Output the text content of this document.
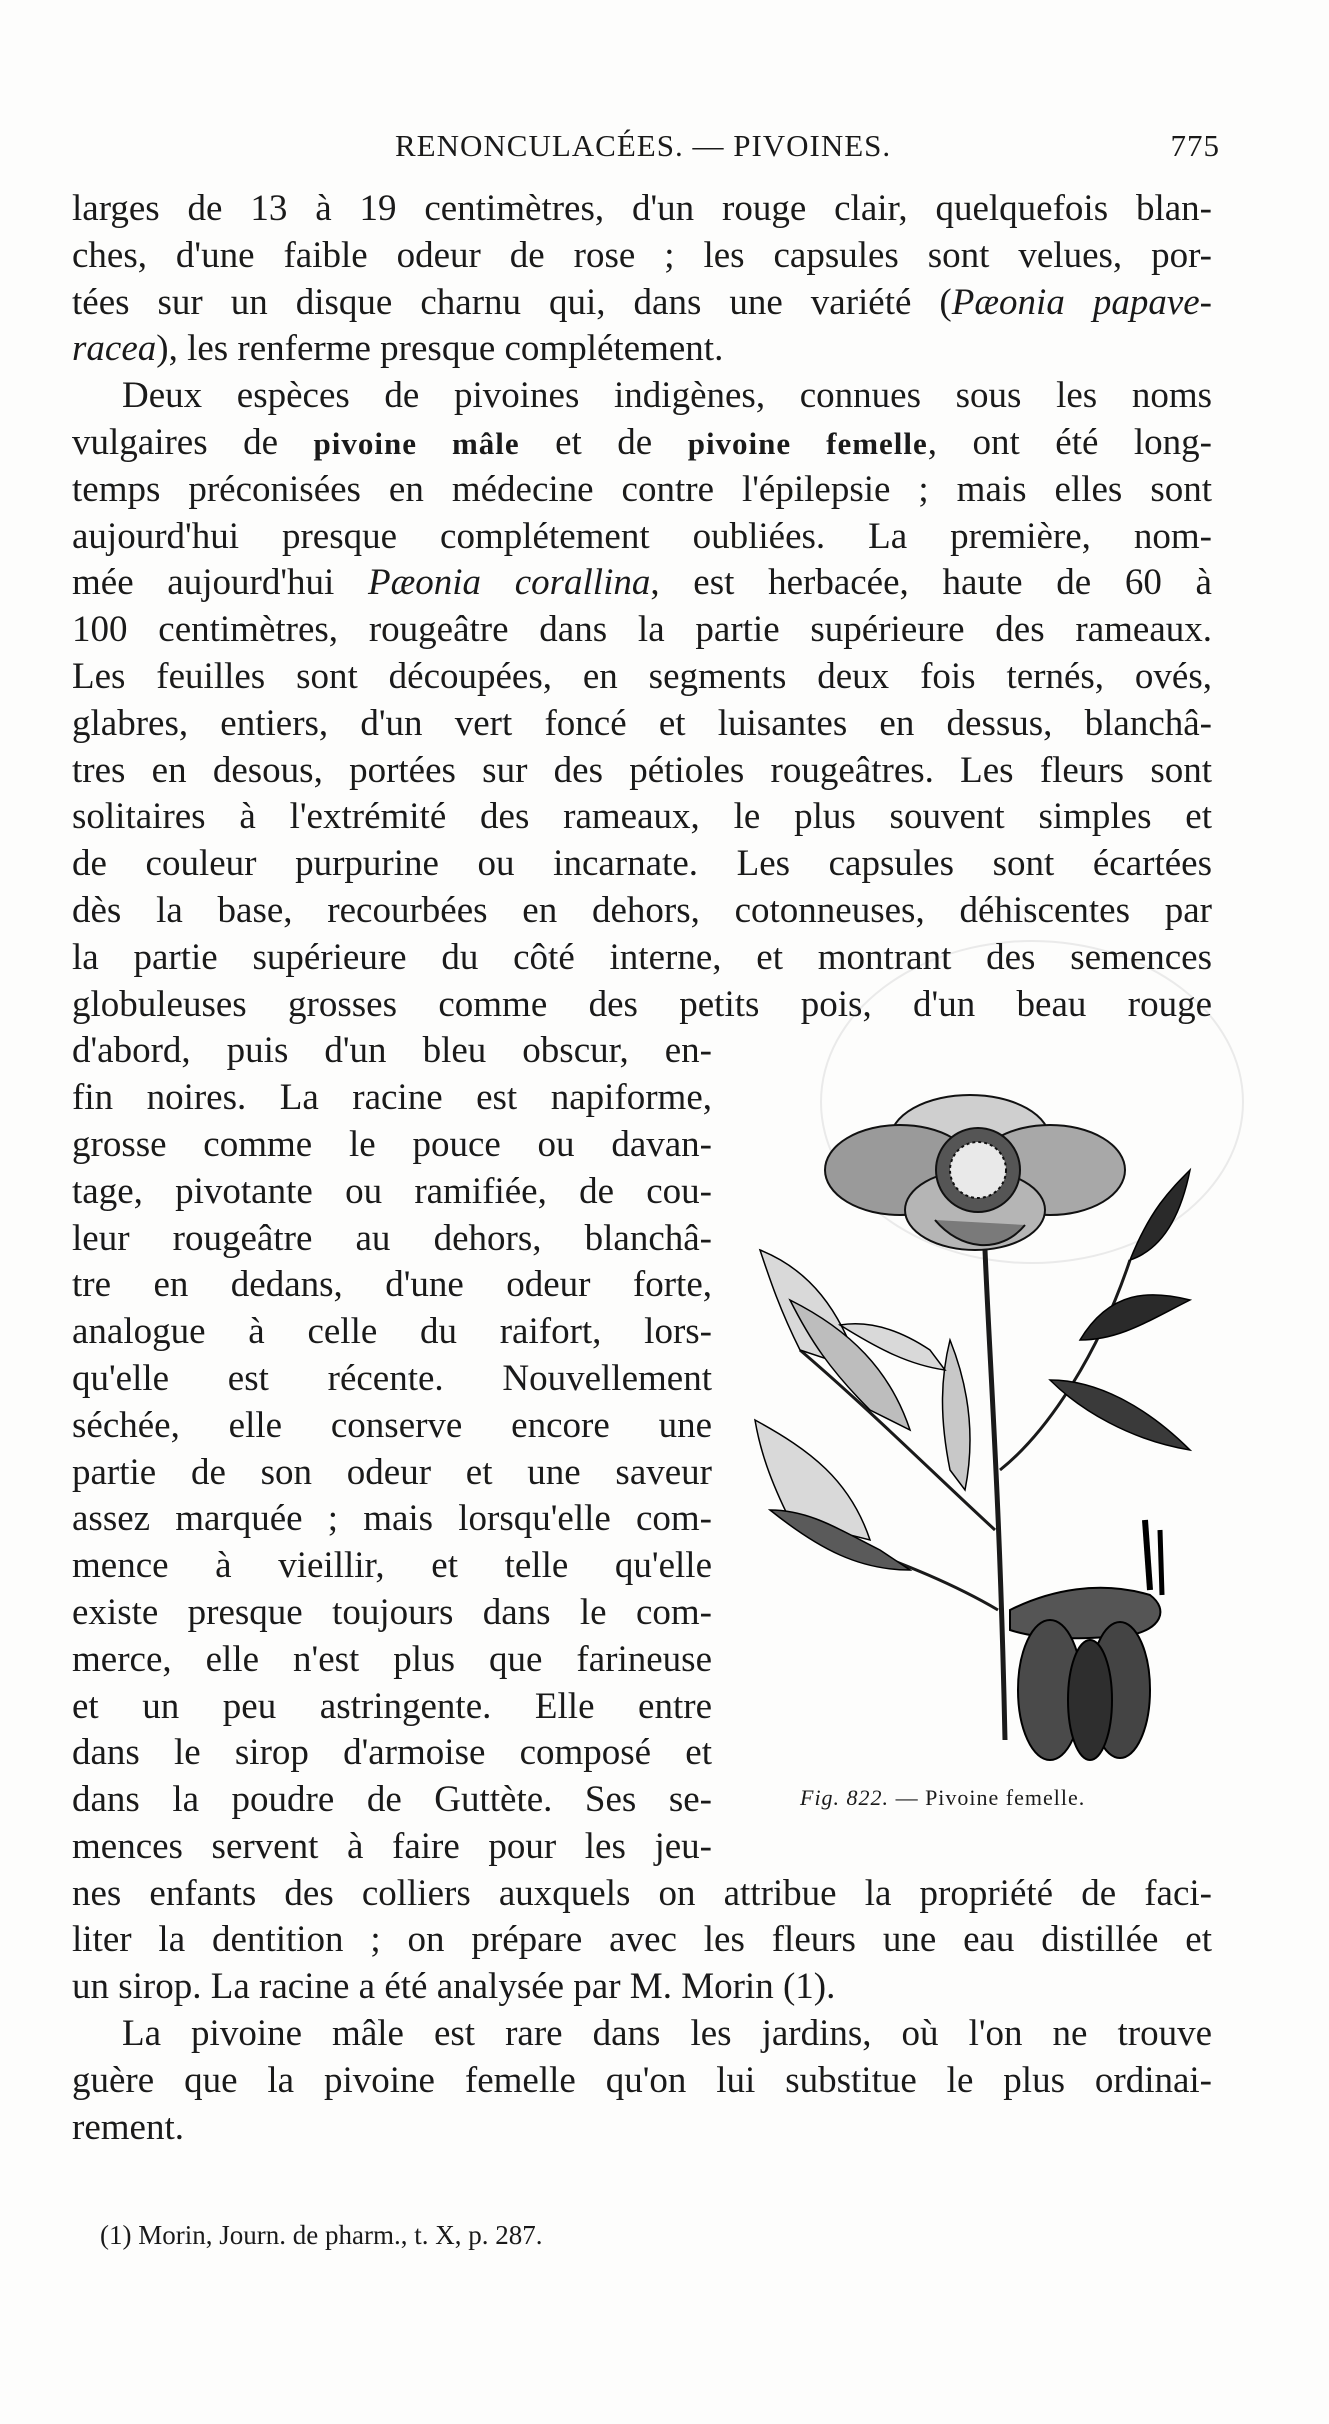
RENONCULACÉES. — PIVOINES.	775
larges de 13 à 19 centimètres, d'un rouge clair, quelquefois blan-
ches, d'une faible odeur de rose ; les capsules sont velues, por-
tées sur un disque charnu qui, dans une variété (Pæonia papave-
racea), les renferme presque complétement.
Deux espèces de pivoines indigènes, connues sous les noms
vulgaires de pivoine mâle et de pivoine femelle, ont été long-
temps préconisées en médecine contre l'épilepsie ; mais elles sont
aujourd'hui presque complétement oubliées. La première, nom-
mée aujourd'hui Pæonia corallina, est herbacée, haute de 60 à
100 centimètres, rougeâtre dans la partie supérieure des rameaux.
Les feuilles sont découpées, en segments deux fois ternés, ovés,
glabres, entiers, d'un vert foncé et luisantes en dessus, blanchâ-
tres en desous, portées sur des pétioles rougeâtres. Les fleurs sont
solitaires à l'extrémité des rameaux, le plus souvent simples et
de couleur purpurine ou incarnate. Les capsules sont écartées
dès la base, recourbées en dehors, cotonneuses, déhiscentes par
la partie supérieure du côté interne, et montrant des semences
globuleuses grosses comme des petits pois, d'un beau rouge
d'abord, puis d'un bleu obscur, en-
fin noires. La racine est napiforme,
grosse comme le pouce ou davan-
tage, pivotante ou ramifiée, de cou-
leur rougeâtre au dehors, blanchâ-
tre en dedans, d'une odeur forte,
analogue à celle du raifort, lors-
qu'elle est récente. Nouvellement
séchée, elle conserve encore une
partie de son odeur et une saveur
assez marquée ; mais lorsqu'elle com-
mence à vieillir, et telle qu'elle
existe presque toujours dans le com-
merce, elle n'est plus que farineuse
et un peu astringente. Elle entre
dans le sirop d'armoise composé et
dans la poudre de Guttète. Ses se-
mences servent à faire pour les jeu-
nes enfants des colliers auxquels on attribue la propriété de faci-
liter la dentition ; on prépare avec les fleurs une eau distillée et
un sirop. La racine a été analysée par M. Morin (1).
La pivoine mâle est rare dans les jardins, où l'on ne trouve
guère que la pivoine femelle qu'on lui substitue le plus ordinai-
rement.
Fig. 822. — Pivoine femelle.
(1) Morin, Journ. de pharm., t. X, p. 287.
